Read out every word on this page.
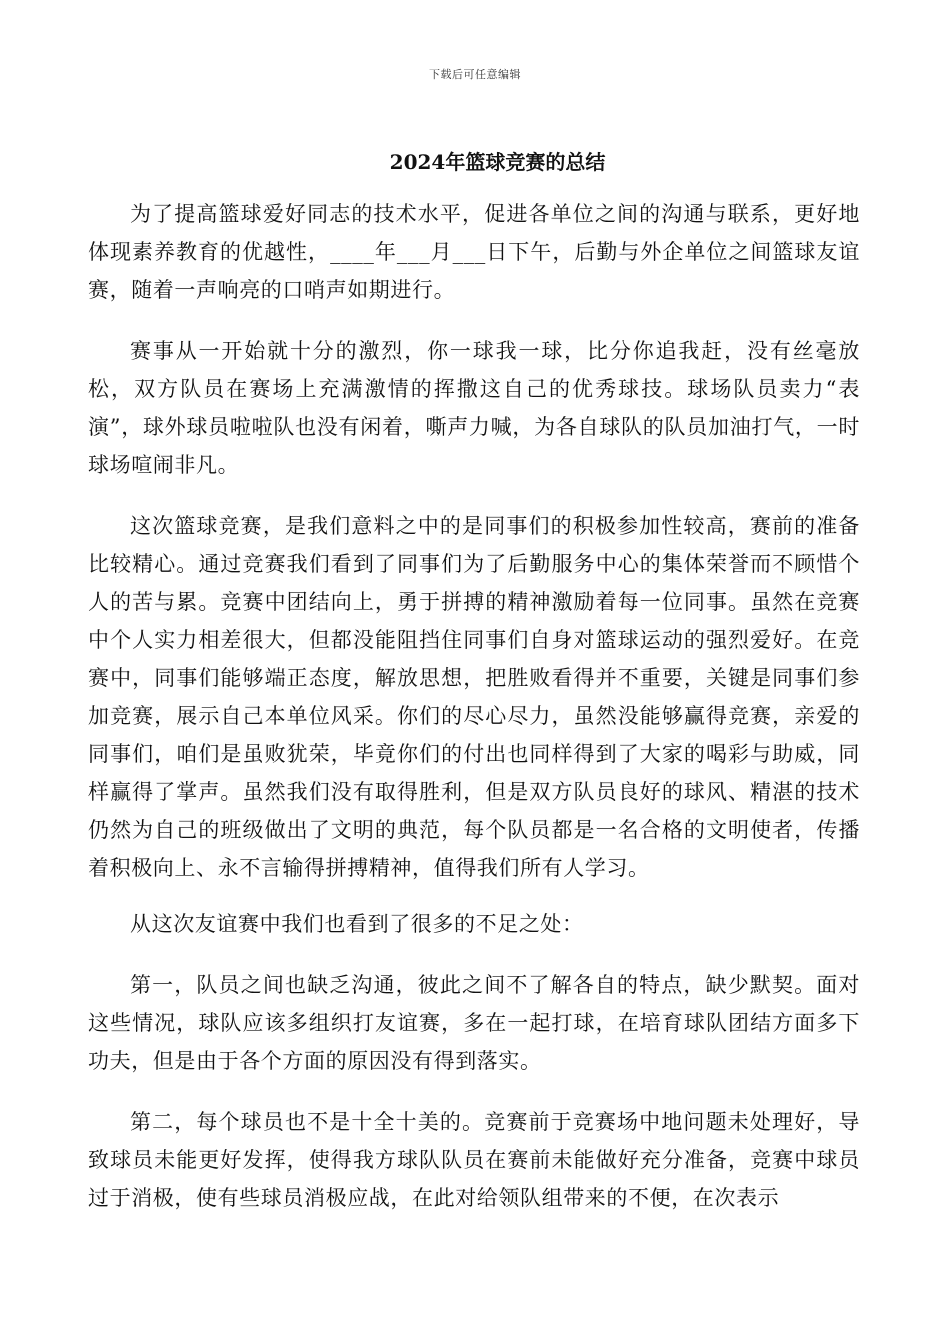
下载后可任意编辑
2024年篮球竞赛的总结

为了提高篮球爱好同志的技术水平，促进各单位之间的沟通与联系，更好地体现素养教育的优越性，____年___月___日下午，后勤与外企单位之间篮球友谊赛，随着一声响亮的口哨声如期进行。

赛事从一开始就十分的激烈，你一球我一球，比分你追我赶，没有丝毫放松，双方队员在赛场上充满激情的挥撒这自己的优秀球技。球场队员卖力“表演”，球外球员啦啦队也没有闲着，嘶声力喊，为各自球队的队员加油打气，一时球场喧闹非凡。

这次篮球竞赛，是我们意料之中的是同事们的积极参加性较高，赛前的准备比较精心。通过竞赛我们看到了同事们为了后勤服务中心的集体荣誉而不顾惜个人的苦与累。竞赛中团结向上，勇于拼搏的精神激励着每一位同事。虽然在竞赛中个人实力相差很大，但都没能阻挡住同事们自身对篮球运动的强烈爱好。在竞赛中，同事们能够端正态度，解放思想，把胜败看得并不重要，关键是同事们参加竞赛，展示自己本单位风采。你们的尽心尽力，虽然没能够赢得竞赛，亲爱的同事们，咱们是虽败犹荣，毕竟你们的付出也同样得到了大家的喝彩与助威，同样赢得了掌声。虽然我们没有取得胜利，但是双方队员良好的球风、精湛的技术仍然为自己的班级做出了文明的典范，每个队员都是一名合格的文明使者，传播着积极向上、永不言输得拼搏精神，值得我们所有人学习。

从这次友谊赛中我们也看到了很多的不足之处：

第一，队员之间也缺乏沟通，彼此之间不了解各自的特点，缺少默契。面对这些情况，球队应该多组织打友谊赛，多在一起打球，在培育球队团结方面多下功夫，但是由于各个方面的原因没有得到落实。

第二，每个球员也不是十全十美的。竞赛前于竞赛场中地问题未处理好，导致球员未能更好发挥，使得我方球队队员在赛前未能做好充分准备，竞赛中球员过于消极，使有些球员消极应战，在此对给领队组带来的不便，在次表示
